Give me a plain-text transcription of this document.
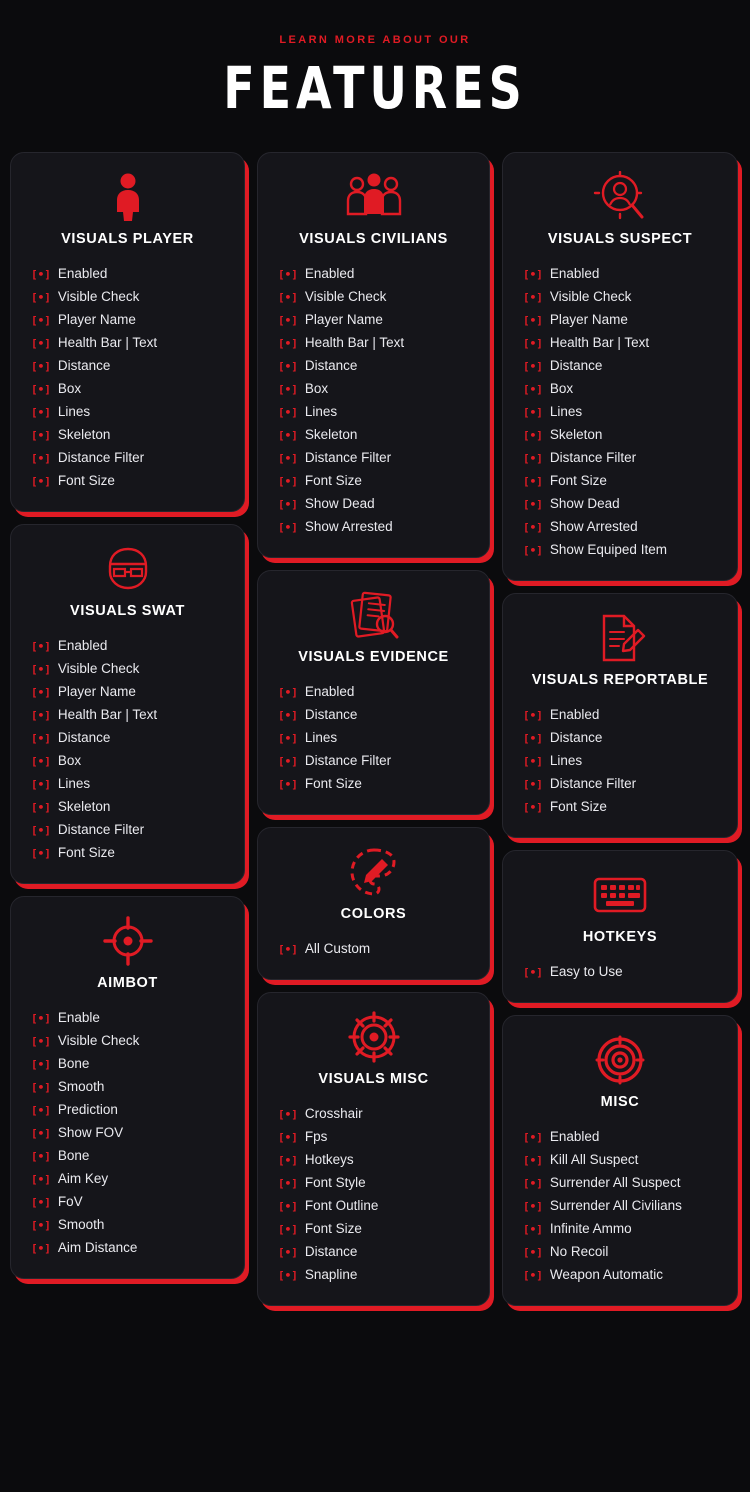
LEARN MORE ABOUT OUR
FEATURES
VISUALS PLAYER
[•] Enabled
[•] Visible Check
[•] Player Name
[•] Health Bar | Text
[•] Distance
[•] Box
[•] Lines
[•] Skeleton
[•] Distance Filter
[•] Font Size
VISUALS SWAT
[•] Enabled
[•] Visible Check
[•] Player Name
[•] Health Bar | Text
[•] Distance
[•] Box
[•] Lines
[•] Skeleton
[•] Distance Filter
[•] Font Size
AIMBOT
[•] Enable
[•] Visible Check
[•] Bone
[•] Smooth
[•] Prediction
[•] Show FOV
[•] Bone
[•] Aim Key
[•] FoV
[•] Smooth
[•] Aim Distance
VISUALS CIVILIANS
[•] Enabled
[•] Visible Check
[•] Player Name
[•] Health Bar | Text
[•] Distance
[•] Box
[•] Lines
[•] Skeleton
[•] Distance Filter
[•] Font Size
[•] Show Dead
[•] Show Arrested
VISUALS EVIDENCE
[•] Enabled
[•] Distance
[•] Lines
[•] Distance Filter
[•] Font Size
COLORS
[•] All Custom
VISUALS MISC
[•] Crosshair
[•] Fps
[•] Hotkeys
[•] Font Style
[•] Font Outline
[•] Font Size
[•] Distance
[•] Snapline
VISUALS SUSPECT
[•] Enabled
[•] Visible Check
[•] Player Name
[•] Health Bar | Text
[•] Distance
[•] Box
[•] Lines
[•] Skeleton
[•] Distance Filter
[•] Font Size
[•] Show Dead
[•] Show Arrested
[•] Show Equiped Item
VISUALS REPORTABLE
[•] Enabled
[•] Distance
[•] Lines
[•] Distance Filter
[•] Font Size
HOTKEYS
[•] Easy to Use
MISC
[•] Enabled
[•] Kill All Suspect
[•] Surrender All Suspect
[•] Surrender All Civilians
[•] Infinite Ammo
[•] No Recoil
[•] Weapon Automatic
